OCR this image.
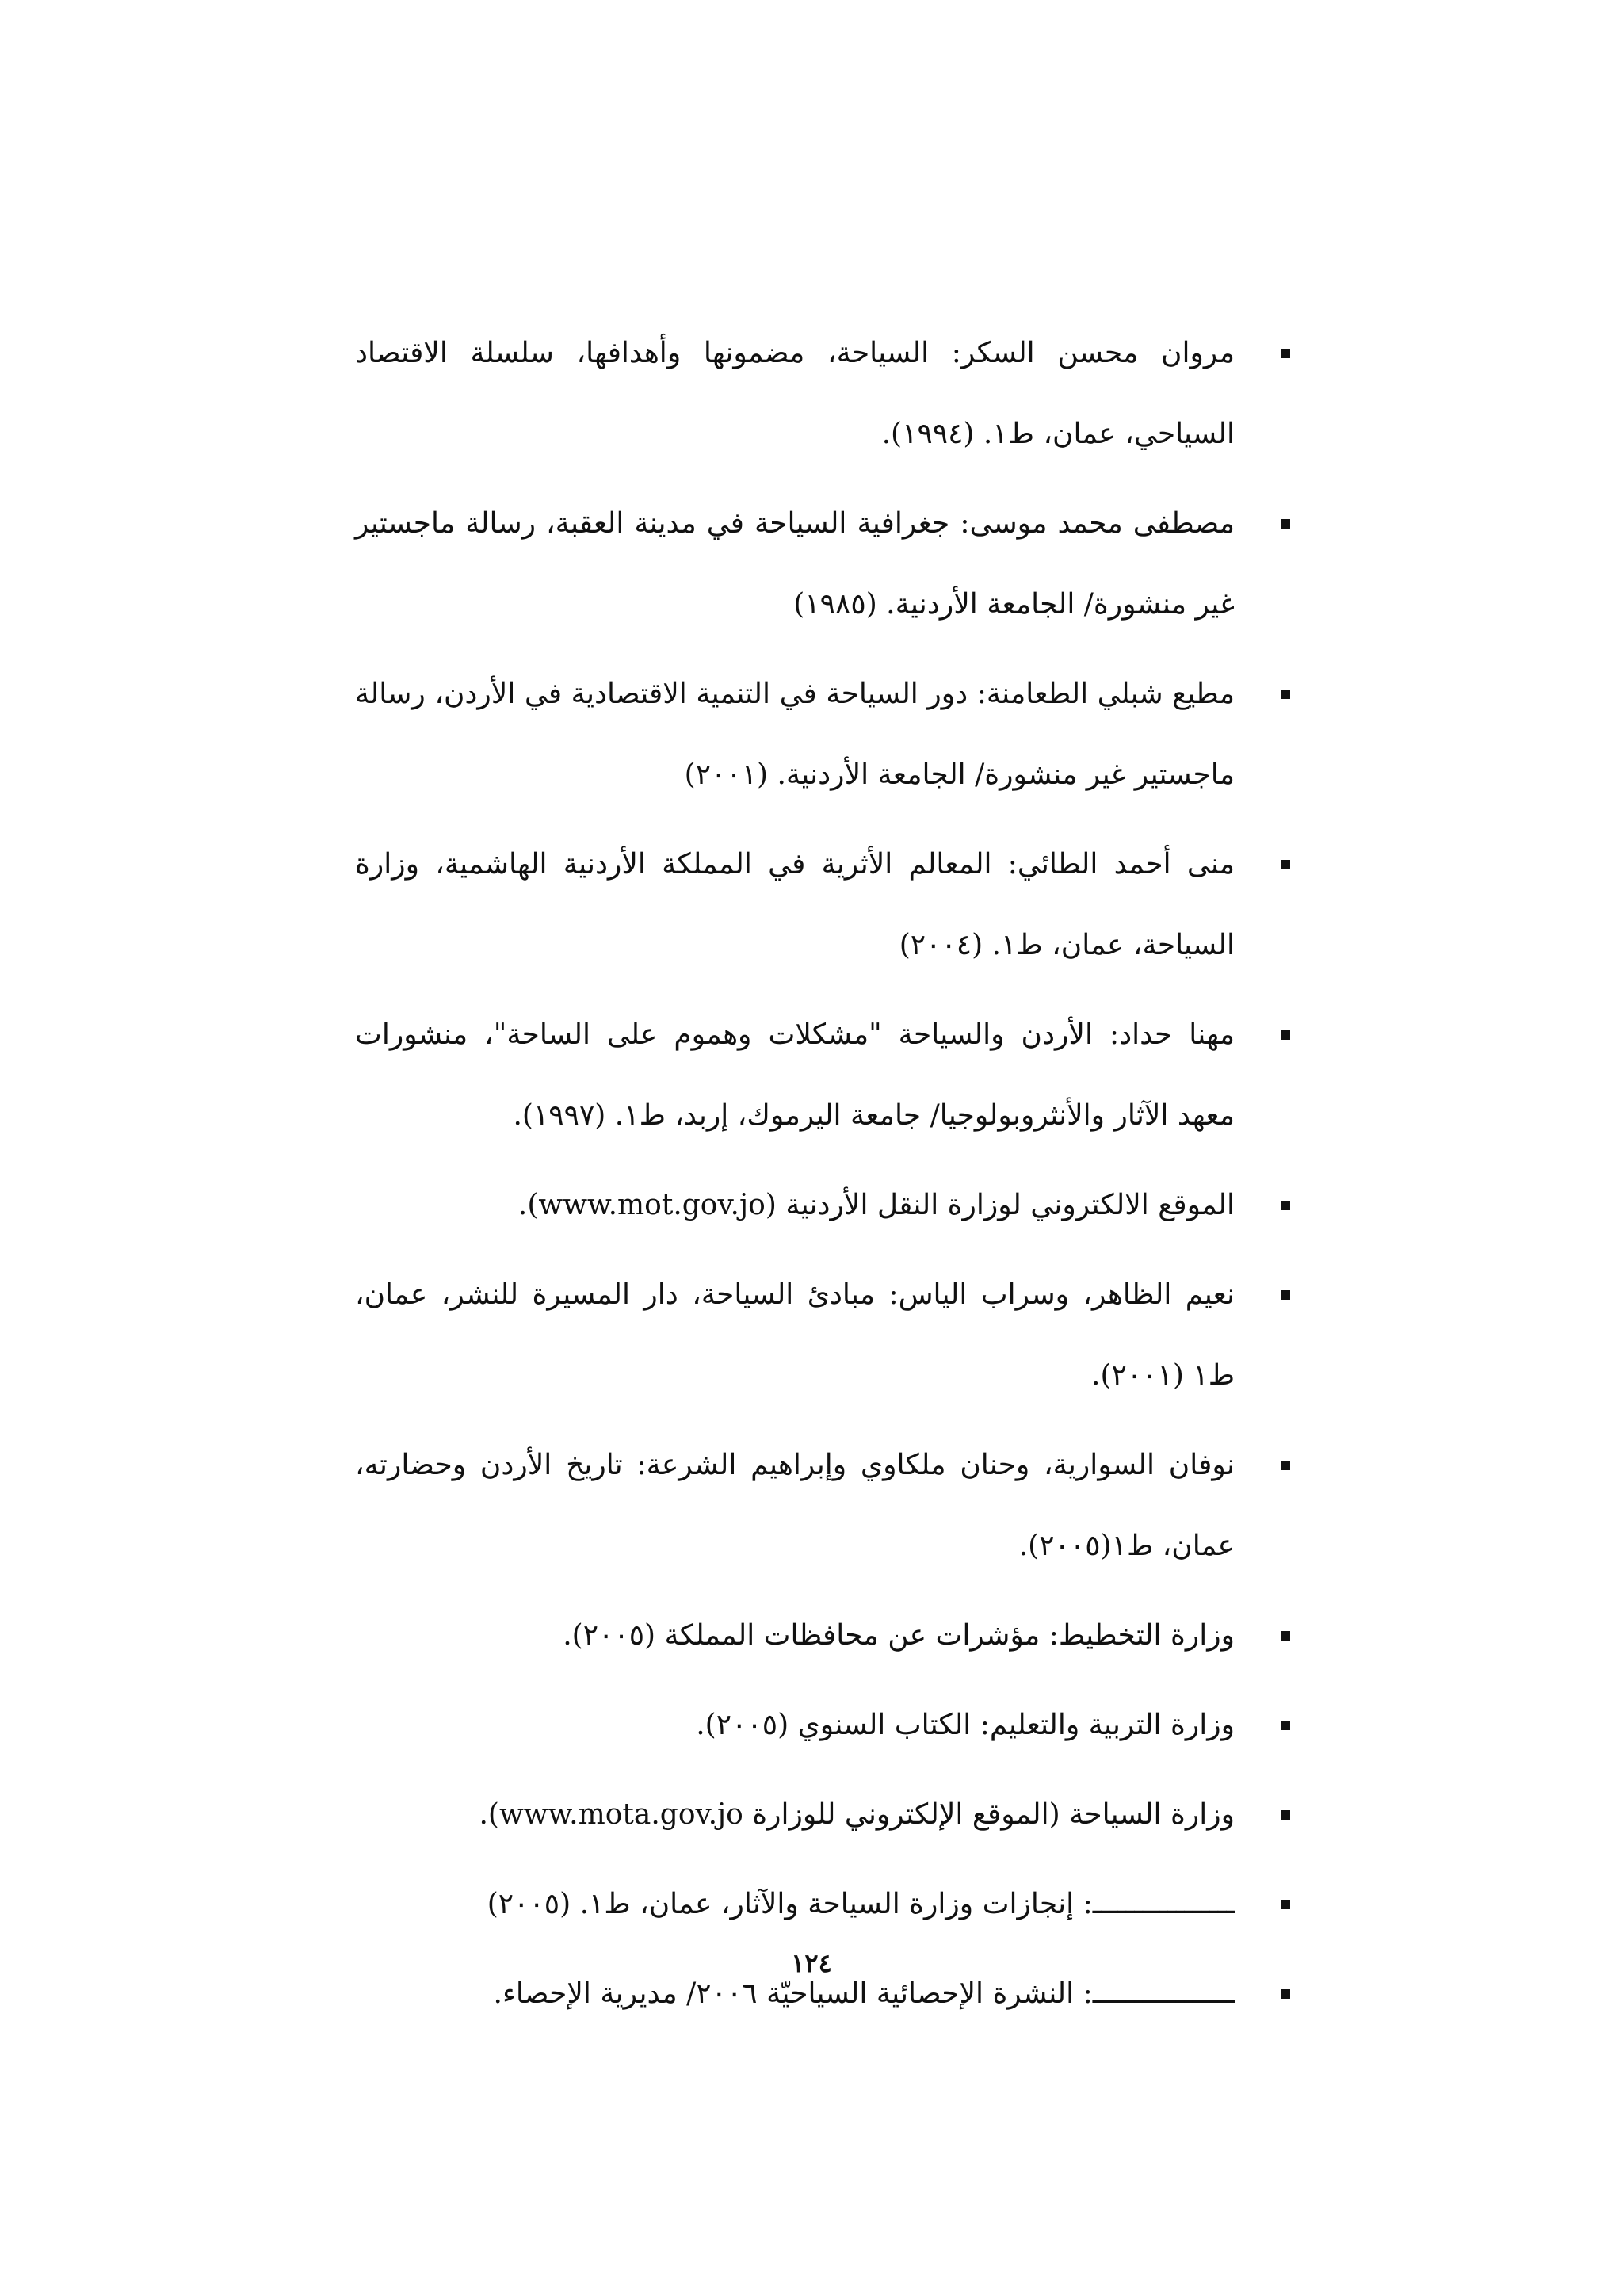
مروان محسن السكر: السياحة، مضمونها وأهدافها، سلسلة الاقتصاد السياحي، عمان، ط١. (١٩٩٤).
مصطفى محمد موسى: جغرافية السياحة في مدينة العقبة، رسالة ماجستير غير منشورة/ الجامعة الأردنية. (١٩٨٥)
مطيع شبلي الطعامنة: دور السياحة في التنمية الاقتصادية في الأردن، رسالة ماجستير غير منشورة/ الجامعة الأردنية. (٢٠٠١)
منى أحمد الطائي: المعالم الأثرية في المملكة الأردنية الهاشمية، وزارة السياحة، عمان، ط١. (٢٠٠٤)
مهنا حداد: الأردن والسياحة "مشكلات وهموم على الساحة"، منشورات معهد الآثار والأنثروبولوجيا/ جامعة اليرموك، إربد، ط١. (١٩٩٧).
الموقع الالكتروني لوزارة النقل الأردنية (www.mot.gov.jo).
نعيم الظاهر، وسراب الياس: مبادئ السياحة، دار المسيرة للنشر، عمان، ط١ (٢٠٠١).
نوفان السوارية، وحنان ملكاوي وإبراهيم الشرعة: تاريخ الأردن وحضارته، عمان، ط١(٢٠٠٥).
وزارة التخطيط: مؤشرات عن محافظات المملكة (٢٠٠٥).
وزارة التربية والتعليم: الكتاب السنوي (٢٠٠٥).
وزارة السياحة (الموقع الإلكتروني للوزارة www.mota.gov.jo).
ـــــــــــــــــ: إنجازات وزارة السياحة والآثار، عمان، ط١. (٢٠٠٥)
ـــــــــــــــــ: النشرة الإحصائية السياحيّة ٢٠٠٦/ مديرية الإحصاء.
١٢٤
